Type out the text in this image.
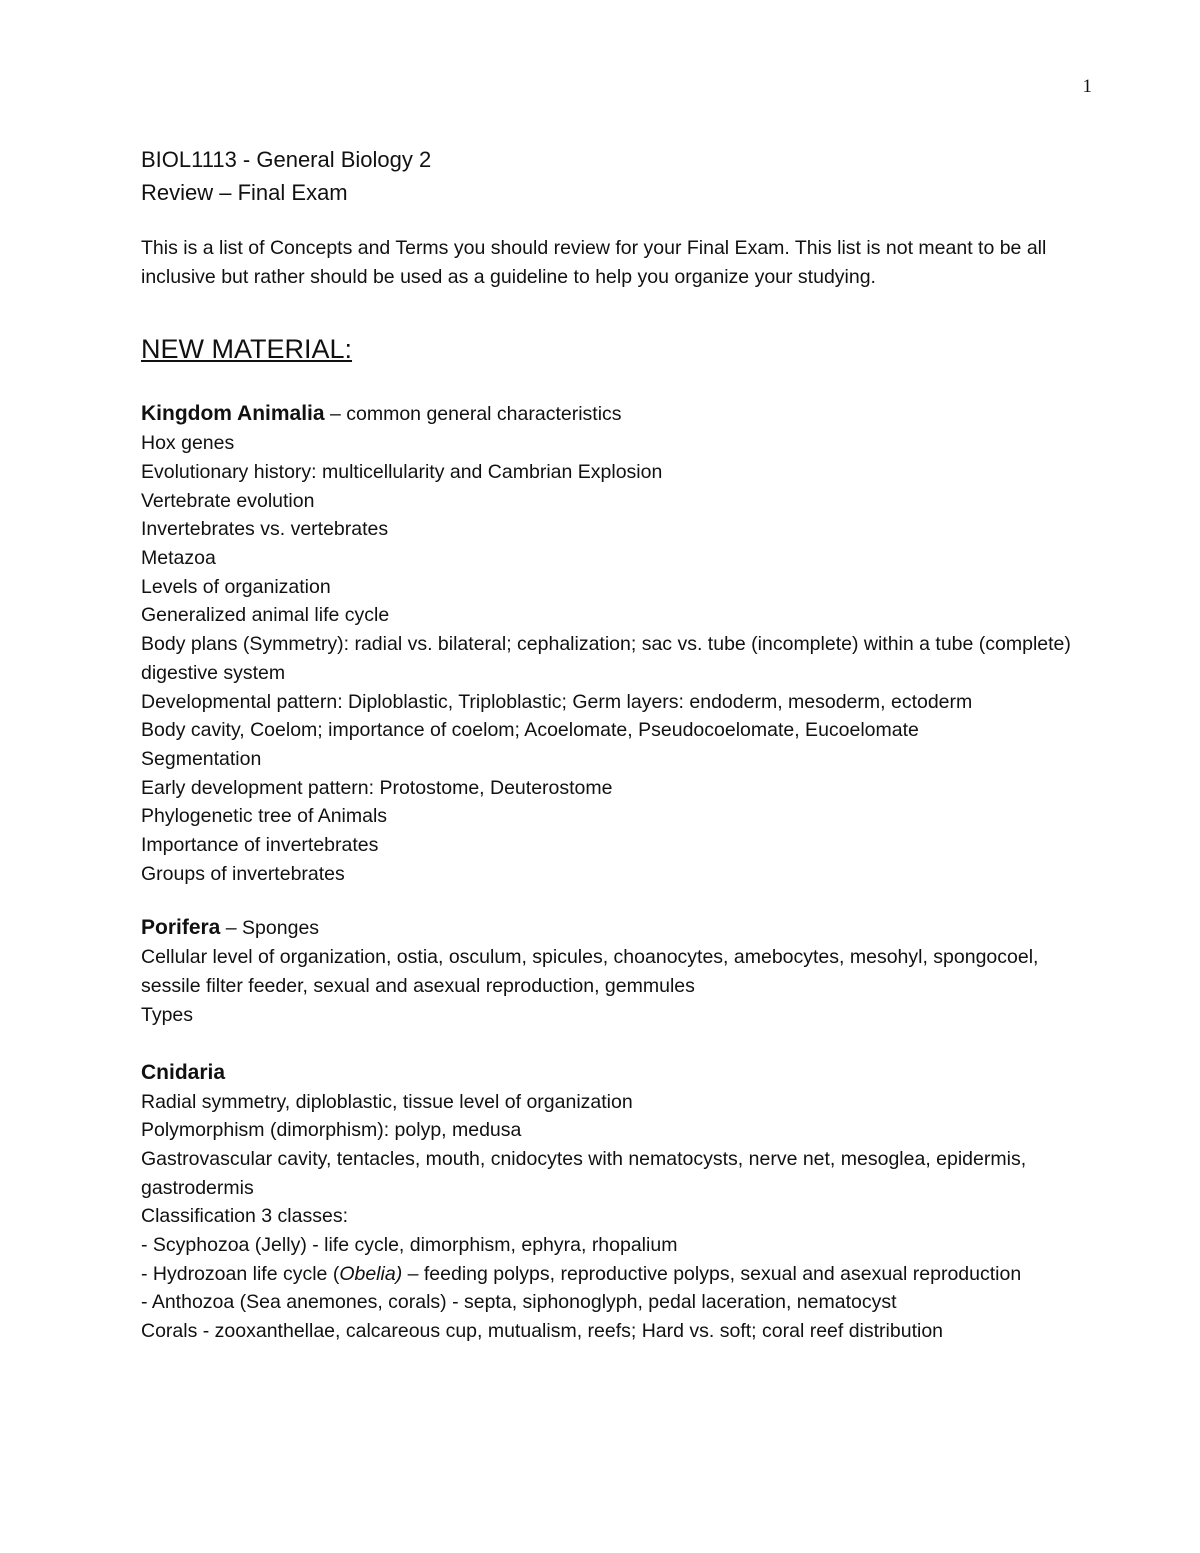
1
BIOL1113 - General Biology 2
Review – Final Exam
This is a list of Concepts and Terms you should review for your Final Exam. This list is not meant to be all inclusive but rather should be used as a guideline to help you organize your studying.
NEW MATERIAL:
Kingdom Animalia – common general characteristics
Hox genes
Evolutionary history: multicellularity and Cambrian Explosion
Vertebrate evolution
Invertebrates vs. vertebrates
Metazoa
Levels of organization
Generalized animal life cycle
Body plans (Symmetry): radial vs. bilateral; cephalization; sac vs. tube (incomplete) within a tube (complete) digestive system
Developmental pattern: Diploblastic, Triploblastic; Germ layers: endoderm, mesoderm, ectoderm
Body cavity, Coelom; importance of coelom; Acoelomate, Pseudocoelomate, Eucoelomate
Segmentation
Early development pattern: Protostome, Deuterostome
Phylogenetic tree of Animals
Importance of invertebrates
Groups of invertebrates
Porifera – Sponges
Cellular level of organization, ostia, osculum, spicules, choanocytes, amebocytes, mesohyl, spongocoel, sessile filter feeder, sexual and asexual reproduction, gemmules
Types
Cnidaria
Radial symmetry, diploblastic, tissue level of organization
Polymorphism (dimorphism): polyp, medusa
Gastrovascular cavity, tentacles, mouth, cnidocytes with nematocysts, nerve net, mesoglea, epidermis, gastrodermis
Classification 3 classes:
- Scyphozoa (Jelly) - life cycle, dimorphism, ephyra, rhopalium
- Hydrozoan life cycle (Obelia) – feeding polyps, reproductive polyps, sexual and asexual reproduction
- Anthozoa (Sea anemones, corals) - septa, siphonoglyph, pedal laceration, nematocyst
Corals - zooxanthellae, calcareous cup, mutualism, reefs; Hard vs. soft; coral reef distribution
